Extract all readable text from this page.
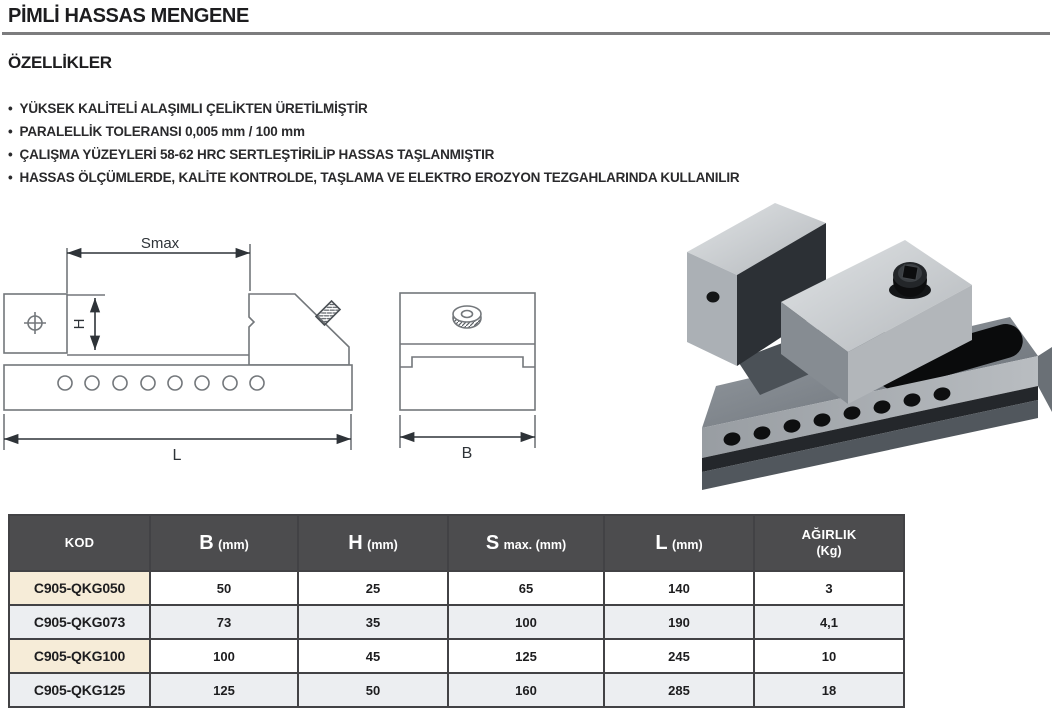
PİMLİ HASSAS MENGENE
ÖZELLİKLER
• YÜKSEK KALİTELİ ALAŞIMLI ÇELİKTEN ÜRETİLMİŞTİR
• PARALELLİK TOLERANSI 0,005 mm / 100 mm
• ÇALIŞMA YÜZEYLERİ 58-62 HRC SERTLEŞTİRİLİP HASSAS TAŞLANMIŞTIR
• HASSAS ÖLÇÜMLERDE, KALİTE KONTROLDE, TAŞLAMA VE ELEKTRO EROZYON TEZGAHLARINDA KULLANILIR
Smax
H
L	B
KOD	B (mm)	H (mm)	S max. (mm)	L (mm)	AĞIRLIK
(Kg)

C905-QKG050	50	25	65	140	3
C905-QKG073	73	35	100	190	4,1
C905-QKG100	100	45	125	245	10
C905-QKG125	125	50	160	285	18
